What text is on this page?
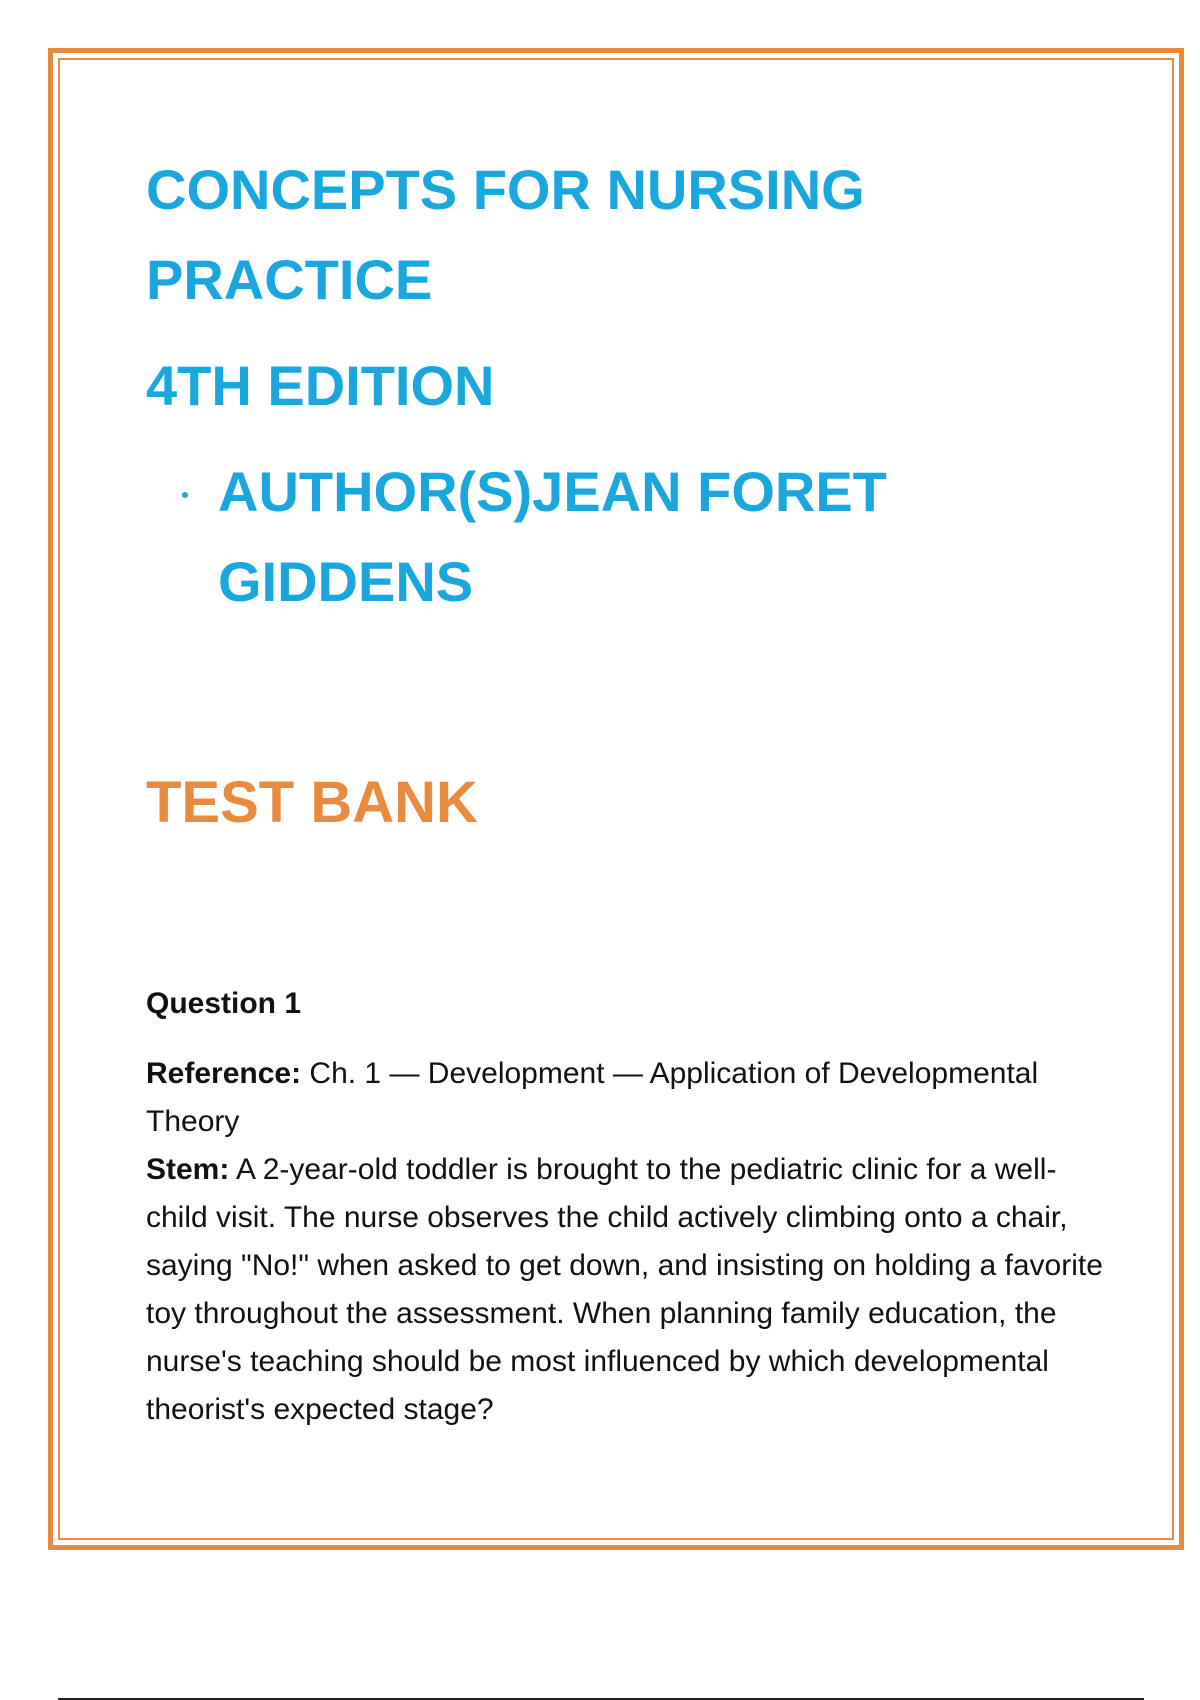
CONCEPTS FOR NURSING
PRACTICE
4TH EDITION
AUTHOR(S)JEAN FORET
GIDDENS
TEST BANK
Question 1

Reference: Ch. 1 — Development — Application of Developmental Theory

Stem: A 2-year-old toddler is brought to the pediatric clinic for a well-child visit. The nurse observes the child actively climbing onto a chair, saying "No!" when asked to get down, and insisting on holding a favorite toy throughout the assessment. When planning family education, the nurse's teaching should be most influenced by which developmental theorist's expected stage?
